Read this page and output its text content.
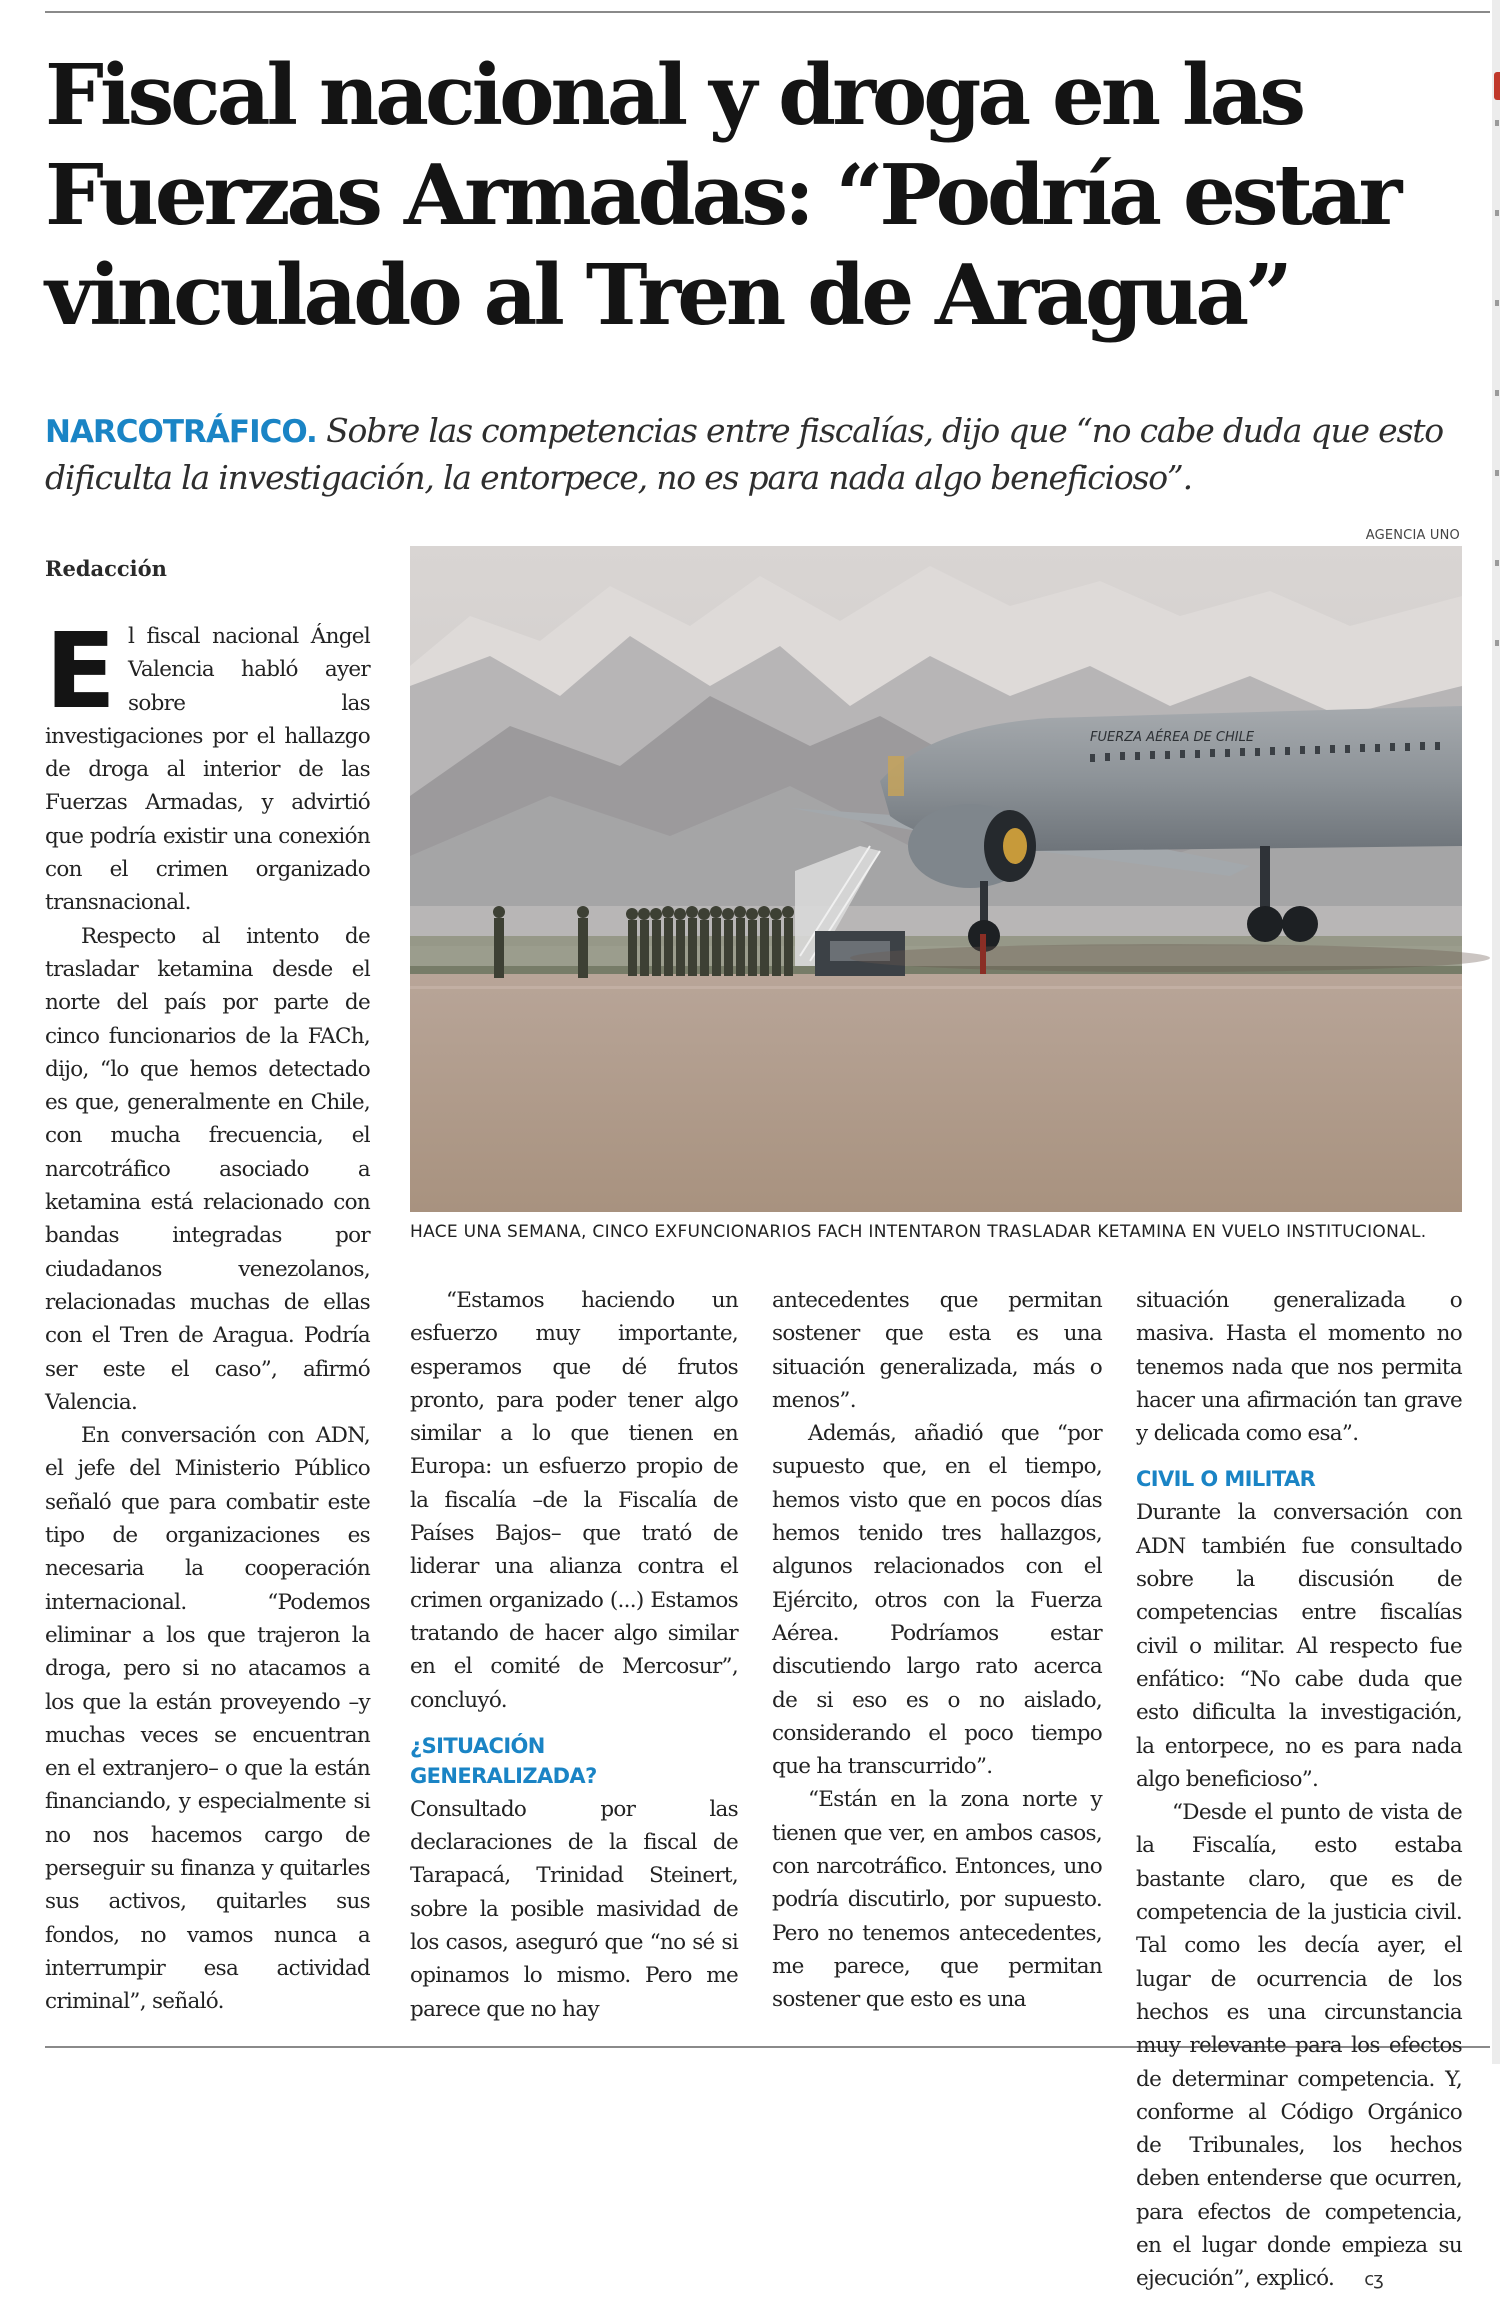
Fiscal nacional y droga en las Fuerzas Armadas: “Podría estar vinculado al Tren de Aragua”
NARCOTRÁFICO. Sobre las competencias entre fiscalías, dijo que “no cabe duda que esto dificulta la investigación, la entorpece, no es para nada algo beneficioso”.
AGENCIA UNO
FUERZA AÉREA DE CHILE
HACE UNA SEMANA, CINCO EXFUNCIONARIOS FACH INTENTARON TRASLADAR KETAMINA EN VUELO INSTITUCIONAL.
Redacción

El fiscal nacional Ángel Valencia habló ayer sobre las investigaciones por el hallazgo de droga al interior de las Fuerzas Armadas, y advirtió que podría existir una conexión con el crimen organizado transnacional.

Respecto al intento de trasladar ketamina desde el norte del país por parte de cinco funcionarios de la FACh, dijo, “lo que hemos detectado es que, generalmente en Chile, con mucha frecuencia, el narcotráfico asociado a ketamina está relacionado con bandas integradas por ciudadanos venezolanos, relacionadas muchas de ellas con el Tren de Aragua. Podría ser este el caso”, afirmó Valencia.

En conversación con ADN, el jefe del Ministerio Público señaló que para combatir este tipo de organizaciones es necesaria la cooperación internacional. “Podemos eliminar a los que trajeron la droga, pero si no atacamos a los que la están proveyendo –y muchas veces se encuentran en el extranjero– o que la están financiando, y especialmente si no nos hacemos cargo de perseguir su finanza y quitarles sus activos, quitarles sus fondos, no vamos nunca a interrumpir esa actividad criminal”, señaló.

“Estamos haciendo un esfuerzo muy importante, esperamos que dé frutos pronto, para poder tener algo similar a lo que tienen en Europa: un esfuerzo propio de la fiscalía –de la Fiscalía de Países Bajos– que trató de liderar una alianza contra el crimen organizado (...) Estamos tratando de hacer algo similar en el comité de Mercosur”, concluyó.

¿SITUACIÓN GENERALIZADA?

Consultado por las declaraciones de la fiscal de Tarapacá, Trinidad Steinert, sobre la posible masividad de los casos, aseguró que “no sé si opinamos lo mismo. Pero me parece que no hay

antecedentes que permitan sostener que esta es una situación generalizada, más o menos”.

Además, añadió que “por supuesto que, en el tiempo, hemos visto que en pocos días hemos tenido tres hallazgos, algunos relacionados con el Ejército, otros con la Fuerza Aérea. Podríamos estar discutiendo largo rato acerca de si eso es o no aislado, considerando el poco tiempo que ha transcurrido”.

“Están en la zona norte y tienen que ver, en ambos casos, con narcotráfico. Entonces, uno podría discutirlo, por supuesto. Pero no tenemos antecedentes, me parece, que permitan sostener que esto es una

situación generalizada o masiva. Hasta el momento no tenemos nada que nos permita hacer una afirmación tan grave y delicada como esa”.

CIVIL O MILITAR

Durante la conversación con ADN también fue consultado sobre la discusión de competencias entre fiscalías civil o militar. Al respecto fue enfático: “No cabe duda que esto dificulta la investigación, la entorpece, no es para nada algo beneficioso”.

“Desde el punto de vista de la Fiscalía, esto estaba bastante claro, que es de competencia de la justicia civil. Tal como les decía ayer, el lugar de ocurrencia de los hechos es una circunstancia muy relevante para los efectos de determinar competencia. Y, conforme al Código Orgánico de Tribunales, los hechos deben entenderse que ocurren, para efectos de competencia, en el lugar donde empieza su ejecución”, explicó. cʒ
